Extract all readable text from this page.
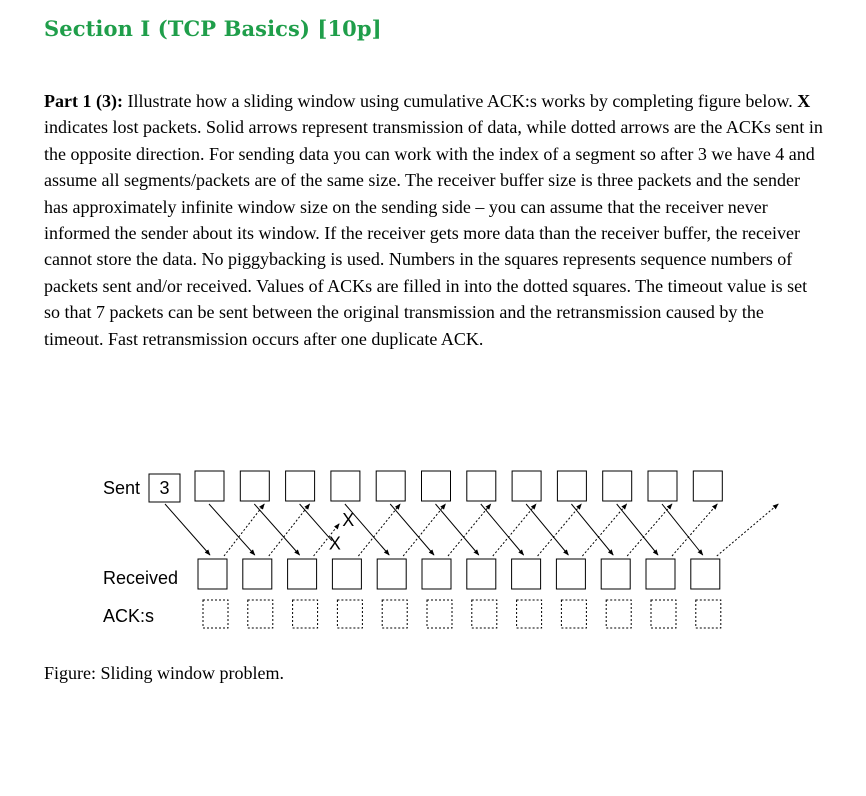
Section I (TCP Basics) [10p]

Part 1 (3): Illustrate how a sliding window using cumulative ACK:s works by completing figure below. X indicates lost packets. Solid arrows represent transmission of data, while dotted arrows are the ACKs sent in the opposite direction. For sending data you can work with the index of a segment so after 3 we have 4 and assume all segments/packets are of the same size. The receiver buffer size is three packets and the sender has approximately infinite window size on the sending side – you can assume that the receiver never informed the sender about its window. If the receiver gets more data than the receiver buffer, the receiver cannot store the data. No piggybacking is used. Numbers in the squares represents sequence numbers of packets sent and/or received. Values of ACKs are filled in into the dotted squares. The timeout value is set so that 7 packets can be sent between the original transmission and the retransmission caused by the timeout. Fast retransmission occurs after one duplicate ACK.

Sent
Received
ACK:s
3
X
X

Figure: Sliding window problem.
